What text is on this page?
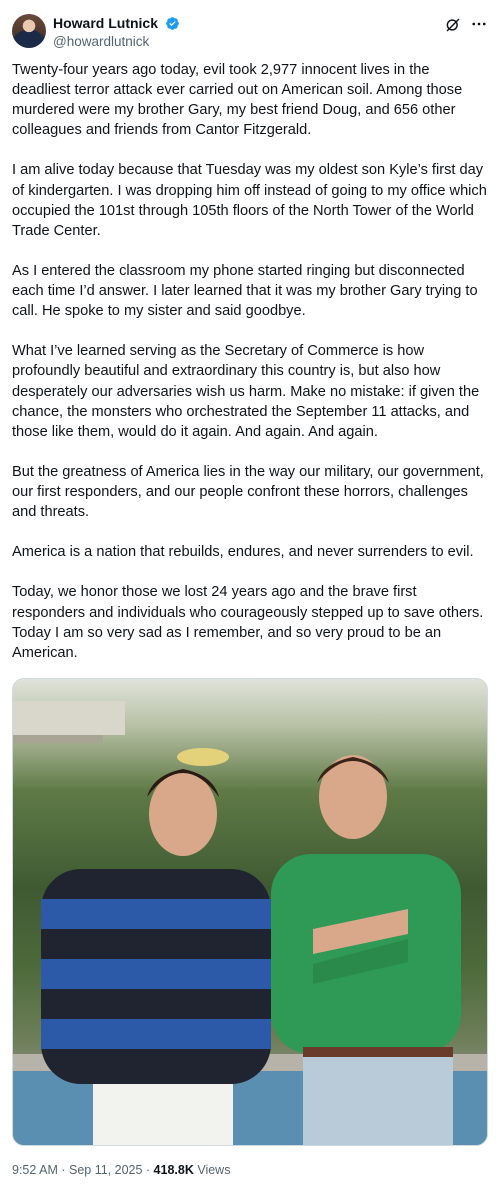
Howard Lutnick
@howardlutnick
Twenty-four years ago today, evil took 2,977 innocent lives in the deadliest terror attack ever carried out on American soil. Among those murdered were my brother Gary, my best friend Doug, and 656 other colleagues and friends from Cantor Fitzgerald.

I am alive today because that Tuesday was my oldest son Kyle’s first day of kindergarten. I was dropping him off instead of going to my office which occupied the 101st through 105th floors of the North Tower of the World Trade Center.

As I entered the classroom my phone started ringing but disconnected each time I’d answer. I later learned that it was my brother Gary trying to call. He spoke to my sister and said goodbye.

What I’ve learned serving as the Secretary of Commerce is how profoundly beautiful and extraordinary this country is, but also how desperately our adversaries wish us harm. Make no mistake: if given the chance, the monsters who orchestrated the September 11 attacks, and those like them, would do it again. And again. And again.

But the greatness of America lies in the way our military, our government, our first responders, and our people confront these horrors, challenges and threats.

America is a nation that rebuilds, endures, and never surrenders to evil.

Today, we honor those we lost 24 years ago and the brave first responders and individuals who courageously stepped up to save others. Today I am so very sad as I remember, and so very proud to be an American.
9:52 AM · Sep 11, 2025 · 418.8K Views
